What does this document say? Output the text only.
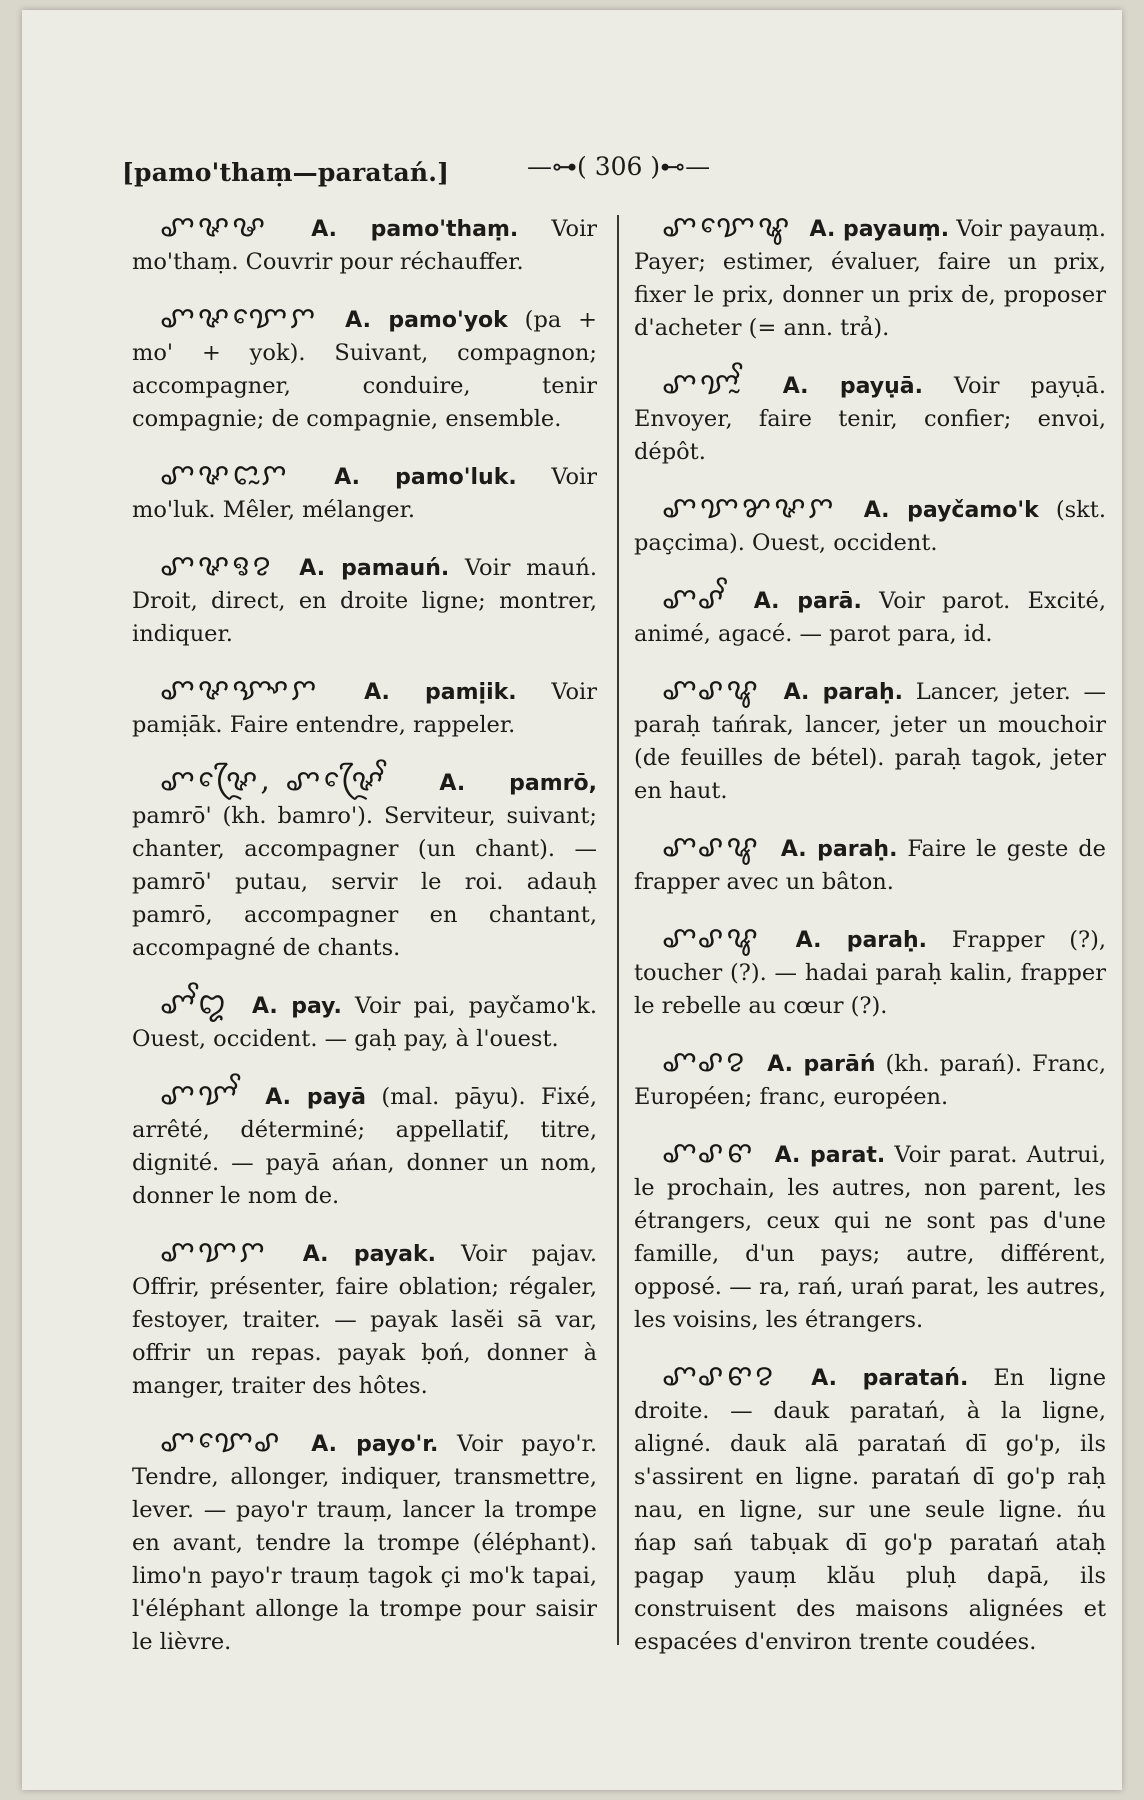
[pamo'thaṃ—paratań.]	—⊶( 306 )⊷—
ꨚꨟꨔ A. pamo'thaṃ. Voir mo'thaṃ. Couvrir pour réchauffer.
ꨚꨟꨢꨯꨆ A. pamo'yok (pa + mo' + yok). Suivant, compagnon; accompagner, conduire, tenir compagnie; de compagnie, ensemble.
ꨚꨟꨤꨭꨆ A. pamo'luk. Voir mo'luk. Mêler, mélanger.
ꨚꨟꨅꨂ A. pamauń. Voir mauń. Droit, direct, en droite ligne; montrer, indiquer.
ꨚꨟꨎꨳꨆ A. pamịik. Voir pamịāk. Faire entendre, rappeler.
ꨚꨟꨴꨯ, ꨚꨟꨴꨯꨩ A. pamrō, pamrō' (kh. bamro'). Serviteur, suivant; chanter, accompagner (un chant). — pamrō' putau, servir le roi. adauḥ pamrō, accompagner en chantant, accompagné de chants.
ꨚꨩꨁ A. pay. Voir pai, payčamo'k. Ouest, occident. — gaḥ pay, à l'ouest.
ꨚꨢꨩ A. payā (mal. pāyu). Fixé, arrêté, déterminé; appellatif, titre, dignité. — payā ańan, donner un nom, donner le nom de.
ꨚꨢꨆ A. payak. Voir pajav. Offrir, présenter, faire oblation; régaler, festoyer, traiter. — payak lasĕi sā var, offrir un repas. payak ḅoń, donner à manger, traiter des hôtes.
ꨚꨢꨯꨣ A. payo'r. Voir payo'r. Tendre, allonger, indiquer, transmettre, lever. — payo'r trauṃ, lancer la trompe en avant, tendre la trompe (éléphant). limo'n payo'r trauṃ tagok çi mo'k tapai, l'éléphant allonge la trompe pour saisir le lièvre.
ꨚꨢꨯꨡ A. payauṃ. Voir payauṃ. Payer; estimer, évaluer, faire un prix, fixer le prix, donner un prix de, proposer d'acheter (= ann. trả).
ꨚꨢꨭꨩ A. payụā. Voir payụā. Envoyer, faire tenir, confier; envoi, dépôt.
ꨚꨢꨌꨟꨆ A. payčamo'k (skt. paçcima). Ouest, occident.
ꨚꨣꨩ A. parā. Voir parot. Excité, animé, agacé. — parot para, id.
ꨚꨣꨥ A. paraḥ. Lancer, jeter. — paraḥ tańrak, lancer, jeter un mouchoir (de feuilles de bétel). paraḥ tagok, jeter en haut.
ꨚꨣꨥ A. paraḥ. Faire le geste de frapper avec un bâton.
ꨚꨣꨥ A. paraḥ. Frapper (?), toucher (?). — hadai paraḥ kalin, frapper le rebelle au cœur (?).
ꨚꨣꨂ A. parāń (kh. parań). Franc, Européen; franc, européen.
ꨚꨣꨓ A. parat. Voir parat. Autrui, le prochain, les autres, non parent, les étrangers, ceux qui ne sont pas d'une famille, d'un pays; autre, différent, opposé. — ra, rań, urań parat, les autres, les voisins, les étrangers.
ꨚꨣꨓꨂ A. paratań. En ligne droite. — dauk paratań, à la ligne, aligné. dauk alā paratań dī go'p, ils s'assirent en ligne. paratań dī go'p raḥ nau, en ligne, sur une seule ligne. ńu ńap sań tabụak dī go'p paratań ataḥ pagap yauṃ klău pluḥ dapā, ils construisent des maisons alignées et espacées d'environ trente coudées.
